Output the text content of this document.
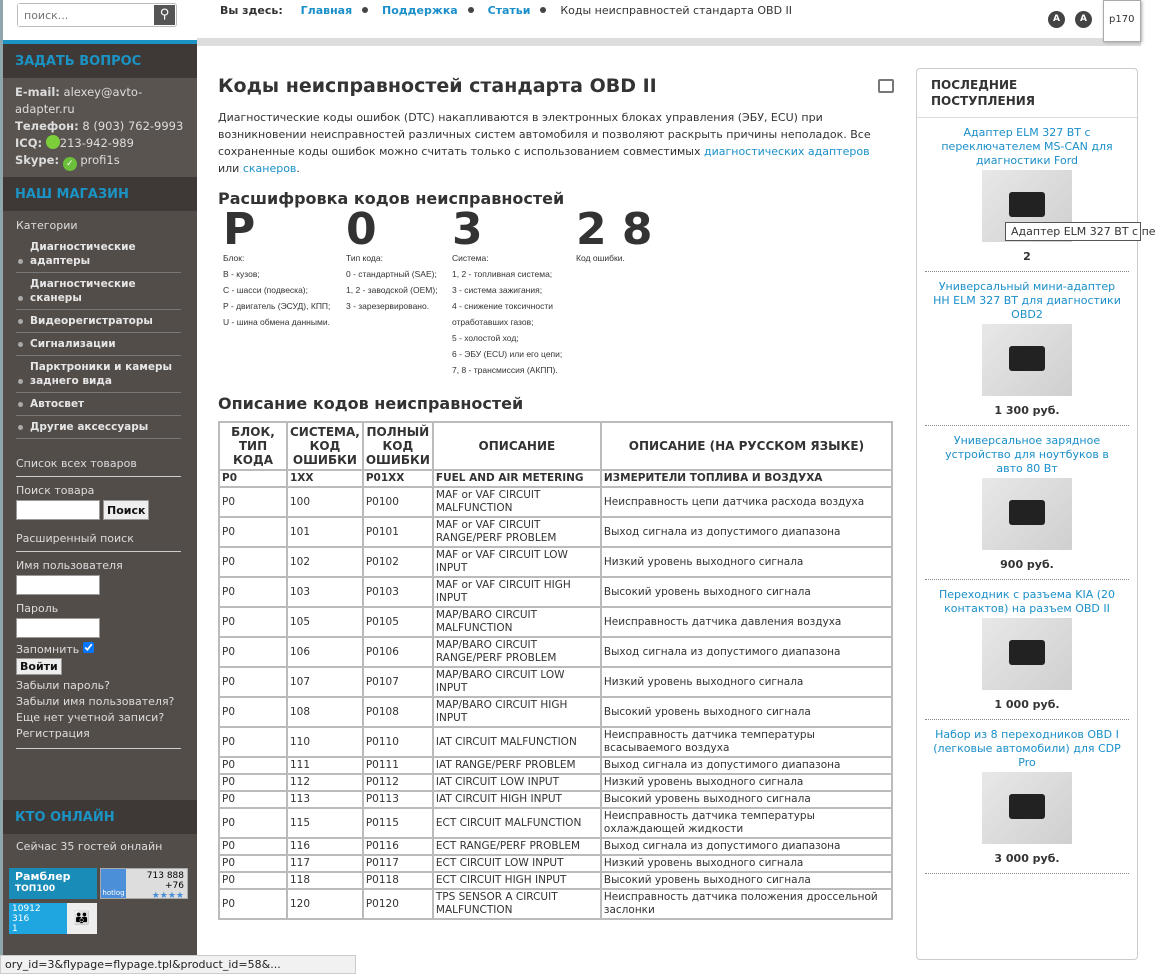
поиск...
⚲
ЗАДАТЬ ВОПРОС
E-mail: alexey@avto-adapter.ru
Телефон: 8 (903) 762-9993
ICQ: 213-942-989
Skype: ✓ profi1s
НАШ МАГАЗИН
Категории
Диагностические адаптеры
Диагностические сканеры
Видеорегистраторы
Сигнализации
Парктроники и камеры заднего вида
Автосвет
Другие аксессуары
Список всех товаров
Поиск товара
Поиск
Расширенный поиск
Имя пользователя
Пароль
Запомнить
Войти
Забыли пароль?
Забыли имя пользователя?
Еще нет учетной записи?
Регистрация
КТО ОНЛАЙН
Сейчас 35 гостей онлайн
Рамблер
ТОП100	hotlog
713 888
+76
★★★★
10912
316
1
👪
ory_id=3&flypage=flypage.tpl&product_id=58&...
Вы здесь: Главная	Поддержка	Статьи	Коды неисправностей стандарта OBD II
A	A	p170
Коды неисправностей стандарта OBD II

Диагностические коды ошибок (DTC) накапливаются в электронных блоках управления (ЭБУ, ECU) при возникновении неисправностей различных систем автомобиля и позволяют раскрыть причины неполадок. Все сохраненные коды ошибок можно считать только с использованием совместимых диагностических адаптеров или сканеров.

Расшифровка кодов неисправностей
P
Блок:
B - кузов;
C - шасси (подвеска);
P - двигатель (ЭСУД), КПП;
U - шина обмена данными.
0
Тип кода:
0 - стандартный (SAE);
1, 2 - заводской (OEM);
3 - зарезервировано.
3
Система:
1, 2 - топливная система;
3 - система зажигания;
4 - снижение токсичности
отработавших газов;
5 - холостой ход;
6 - ЭБУ (ECU) или его цепи;
7, 8 - трансмиссия (АКПП).
2 8
Код ошибки.
Описание кодов неисправностей
БЛОК, ТИП КОДА	СИСТЕМА, КОД ОШИБКИ	ПОЛНЫЙ КОД ОШИБКИ	ОПИСАНИЕ	ОПИСАНИЕ (НА РУССКОМ ЯЗЫКЕ)
P0	1XX	P01XX	FUEL AND AIR METERING	ИЗМЕРИТЕЛИ ТОПЛИВА И ВОЗДУХА
P0	100	P0100	MAF or VAF CIRCUIT MALFUNCTION	Неисправность цепи датчика расхода воздуха
P0	101	P0101	MAF or VAF CIRCUIT RANGE/PERF PROBLEM	Выход сигнала из допустимого диапазона
P0	102	P0102	MAF or VAF CIRCUIT LOW INPUT	Низкий уровень выходного сигнала
P0	103	P0103	MAF or VAF CIRCUIT HIGH INPUT	Высокий уровень выходного сигнала
P0	105	P0105	MAP/BARO CIRCUIT MALFUNCTION	Неисправность датчика давления воздуха
P0	106	P0106	MAP/BARO CIRCUIT RANGE/PERF PROBLEM	Выход сигнала из допустимого диапазона
P0	107	P0107	MAP/BARO CIRCUIT LOW INPUT	Низкий уровень выходного сигнала
P0	108	P0108	MAP/BARO CIRCUIT HIGH INPUT	Высокий уровень выходного сигнала
P0	110	P0110	IAT CIRCUIT MALFUNCTION	Неисправность датчика температуры всасываемого воздуха
P0	111	P0111	IAT RANGE/PERF PROBLEM	Выход сигнала из допустимого диапазона
P0	112	P0112	IAT CIRCUIT LOW INPUT	Низкий уровень выходного сигнала
P0	113	P0113	IAT CIRCUIT HIGH INPUT	Высокий уровень выходного сигнала
P0	115	P0115	ECT CIRCUIT MALFUNCTION	Неисправность датчика температуры охлаждающей жидкости
P0	116	P0116	ECT RANGE/PERF PROBLEM	Выход сигнала из допустимого диапазона
P0	117	P0117	ECT CIRCUIT LOW INPUT	Низкий уровень выходного сигнала
P0	118	P0118	ECT CIRCUIT HIGH INPUT	Высокий уровень выходного сигнала
P0	120	P0120	TPS SENSOR A CIRCUIT MALFUNCTION	Неисправность датчика положения дроссельной заслонки
ПОСЛЕДНИЕ ПОСТУПЛЕНИЯ
Адаптер ELM 327 BT с переключателем MS-CAN для диагностики Ford
2
Универсальный мини-адаптер HH ELM 327 BT для диагностики OBD2
1 300 руб.
Универсальное зарядное устройство для ноутбуков в авто 80 Вт
900 руб.
Переходник с разъема KIA (20 контактов) на разъем OBD II
1 000 руб.
Набор из 8 переходников OBD I (легковые автомобили) для CDP Pro
3 000 руб.
Адаптер ELM 327 BT с пе
